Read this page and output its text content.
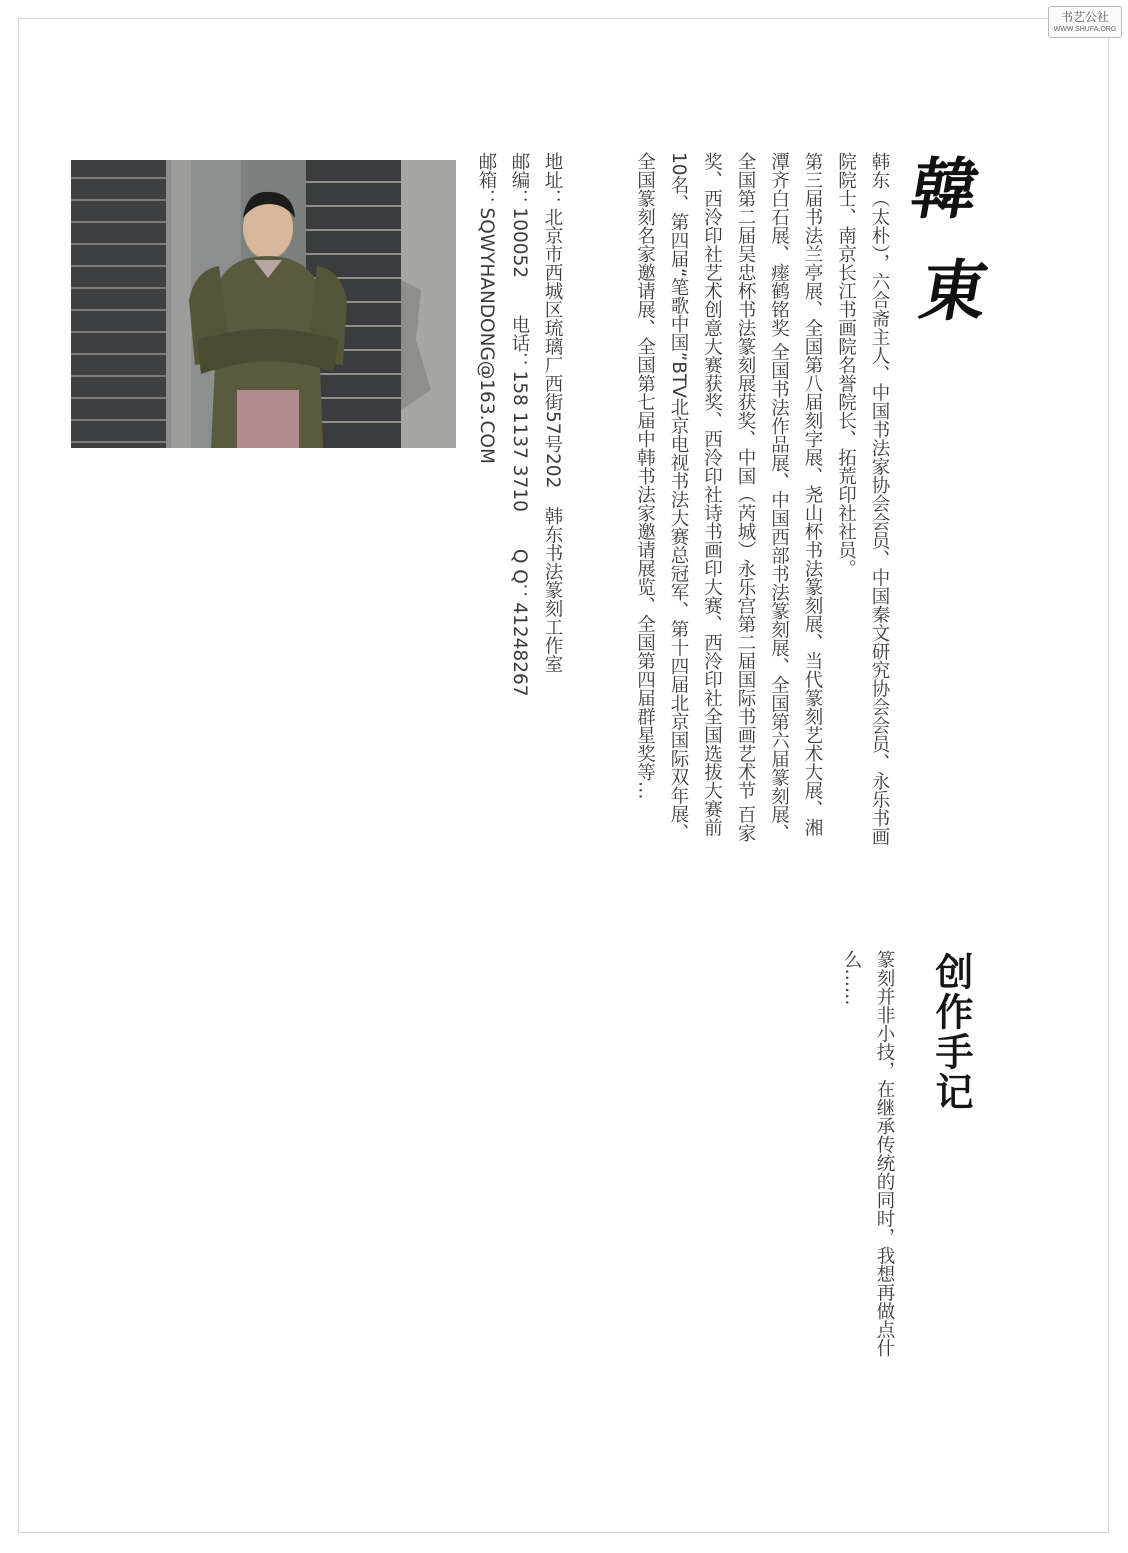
书艺公社
WWW.SHUFA.ORG
韓
東

韩东（太朴），六合斋主人、中国书法家协会会员、中国秦文研究协会会员、永乐书画院院士、南京长江书画院名誉院长、拓荒印社社员。

第三届书法兰亭展、全国第八届刻字展、尧山杯书法篆刻展、当代篆刻艺术大展、湘潭齐白石展、瘗鹤铭奖 全国书法作品展、中国西部书法篆刻展、全国第六届篆刻展、全国第二届吴忠杯书法篆刻展获奖、中国（芮城）永乐宫第二届国际书画艺术节 百家奖、西泠印社艺术创意大赛获奖、西泠印社诗书画印大赛、西泠印社全国选拔大赛前10名、第四届“笔歌中国”BTV北京电视书法大赛总冠军、第十四届北京国际双年展、全国篆刻名家邀请展、全国第七届中韩书法家邀请展览、全国第四届群星奖等…

地址：北京市西城区琉璃厂西街57号202　韩东书法篆刻工作室
邮编：100052　　电话：158 1137 3710　　Q Q：41248267
邮箱：SQWYHANDONG@163.COM
创作手记

篆刻并非小技，在继承传统的同时，我想再做点什么……
